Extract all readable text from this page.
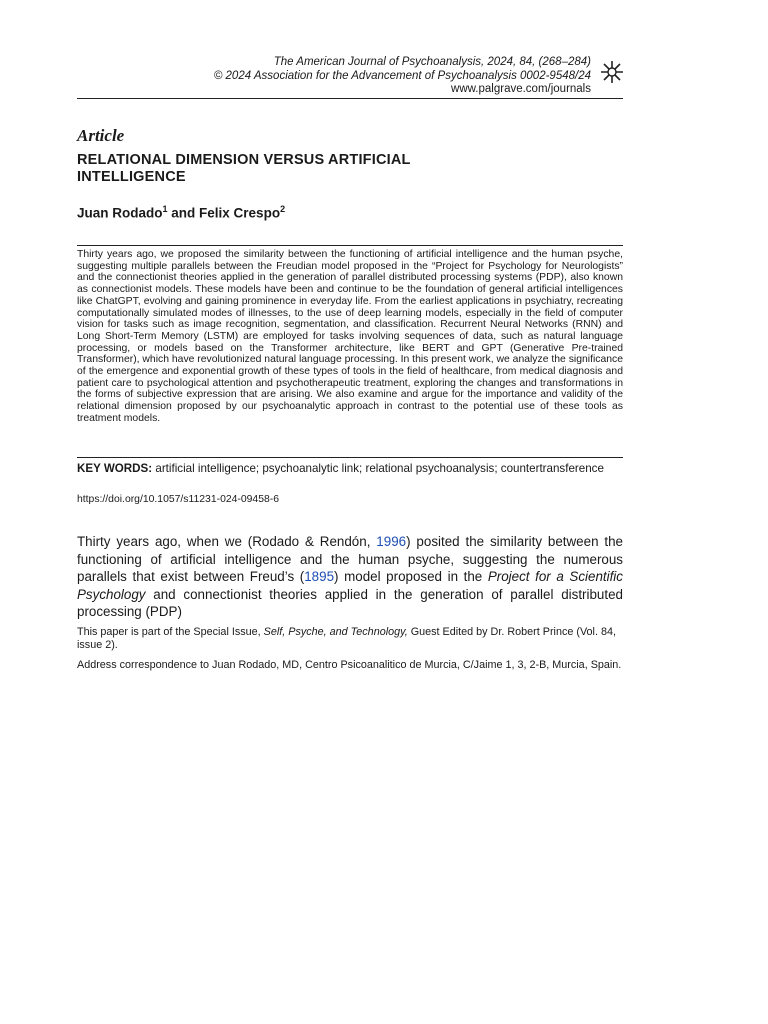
The American Journal of Psychoanalysis, 2024, 84, (268–284)
© 2024 Association for the Advancement of Psychoanalysis 0002-9548/24
www.palgrave.com/journals
Article
RELATIONAL DIMENSION VERSUS ARTIFICIAL
INTELLIGENCE
Juan Rodado$^1$ and Felix Crespo$^2$
Thirty years ago, we proposed the similarity between the functioning of artificial intelligence and the human psyche, suggesting multiple parallels between the Freudian model proposed in the “Project for Psychology for Neurologists” and the connectionist theories applied in the generation of parallel distributed processing systems (PDP), also known as connectionist models. These models have been and continue to be the foundation of general artificial intelligences like ChatGPT, evolving and gaining prominence in everyday life. From the earliest applications in psychiatry, recreating computationally simulated modes of illnesses, to the use of deep learning models, especially in the field of computer vision for tasks such as image recognition, segmentation, and classification. Recurrent Neural Networks (RNN) and Long Short-Term Memory (LSTM) are employed for tasks involving sequences of data, such as natural language processing, or models based on the Transformer architecture, like BERT and GPT (Generative Pre-trained Transformer), which have revolutionized natural language processing. In this present work, we analyze the significance of the emergence and exponential growth of these types of tools in the field of healthcare, from medical diagnosis and patient care to psychological attention and psychotherapeutic treatment, exploring the changes and transformations in the forms of subjective expression that are arising. We also examine and argue for the importance and validity of the relational dimension proposed by our psychoanalytic approach in contrast to the potential use of these tools as treatment models.
KEY WORDS: artificial intelligence; psychoanalytic link; relational psychoanalysis; countertransference
https://doi.org/10.1057/s11231-024-09458-6
Thirty years ago, when we (Rodado & Rendón, 1996) posited the similarity between the functioning of artificial intelligence and the human psyche, suggesting the numerous parallels that exist between Freud’s (1895) model proposed in the Project for a Scientific Psychology and connectionist theories applied in the generation of parallel distributed processing (PDP)
This paper is part of the Special Issue, Self, Psyche, and Technology, Guest Edited by Dr. Robert Prince (Vol. 84, issue 2).
Address correspondence to Juan Rodado, MD, Centro Psicoanalitico de Murcia, C/Jaime 1, 3, 2-B, Murcia, Spain.
